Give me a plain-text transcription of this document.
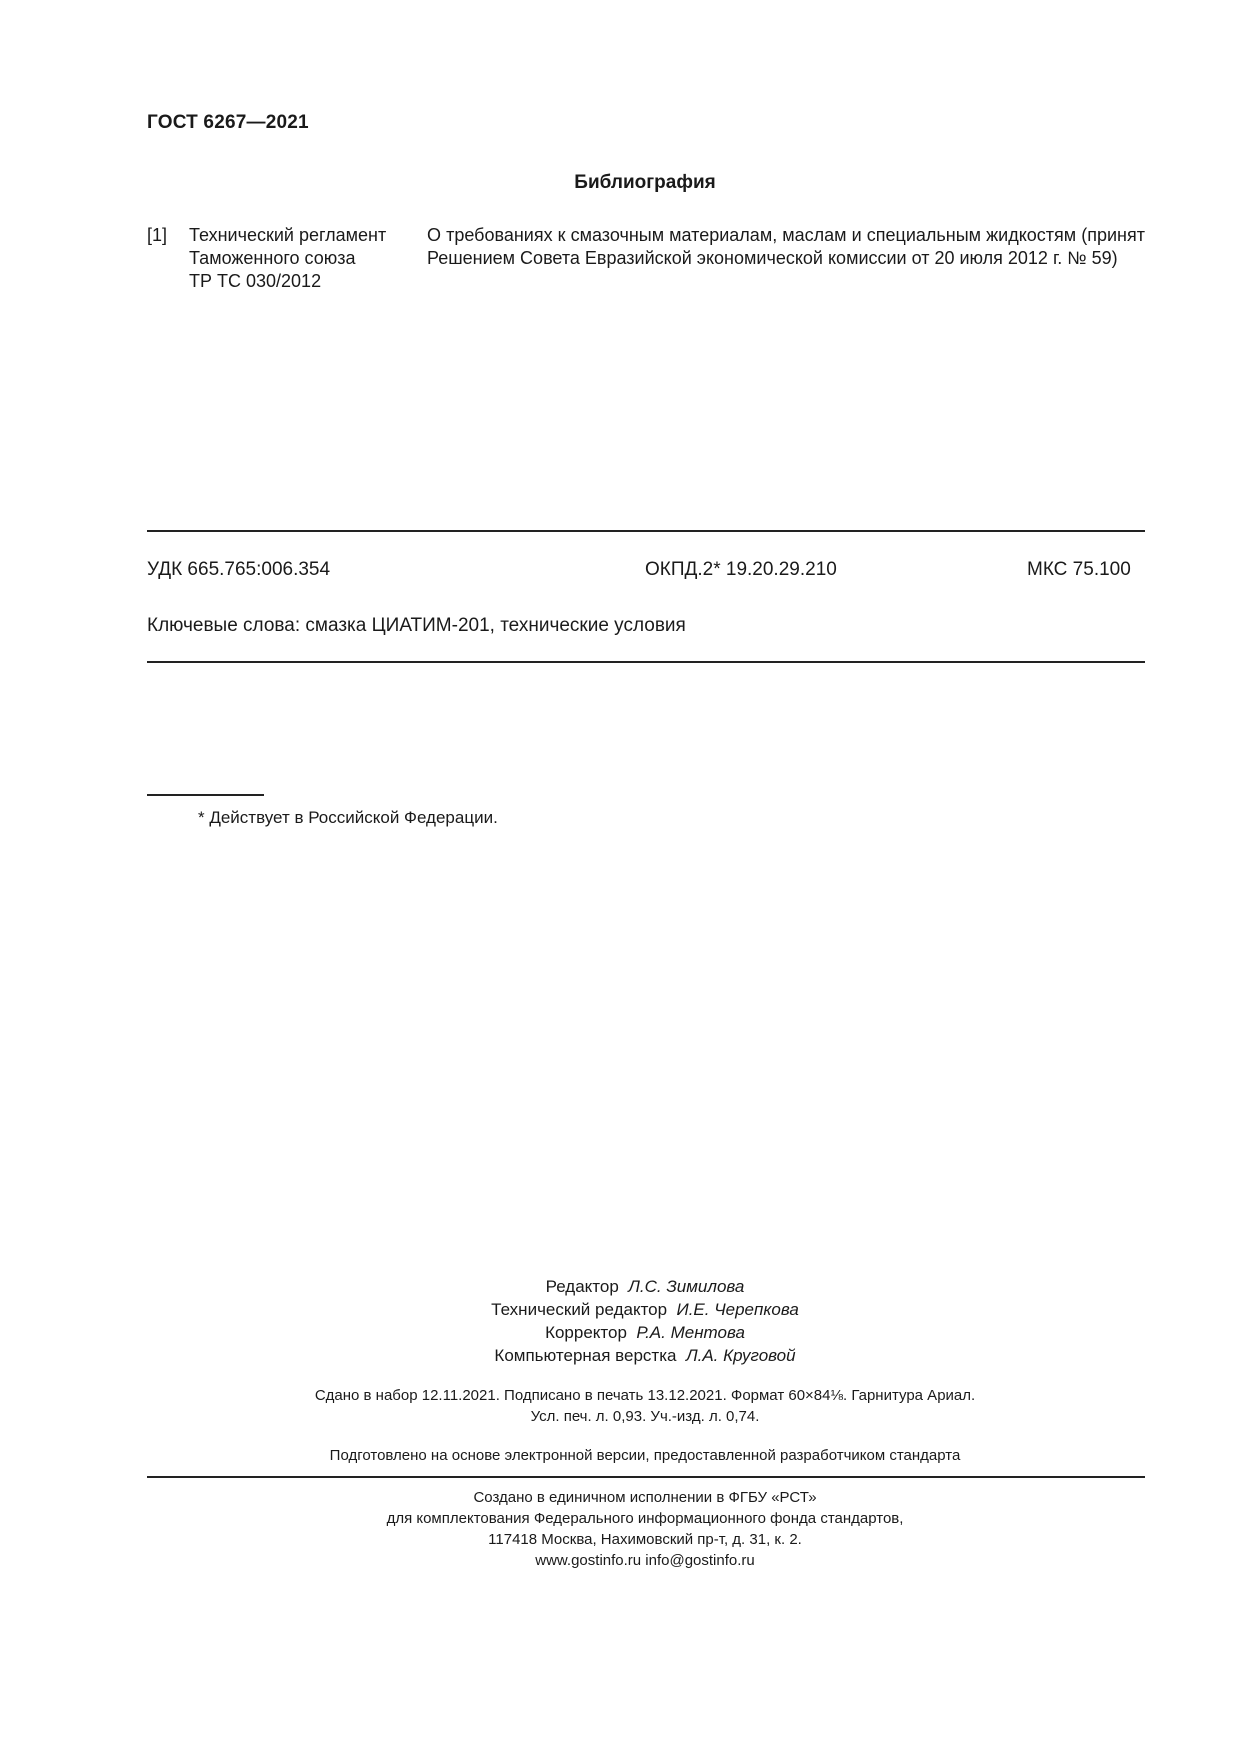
ГОСТ 6267—2021
Библиография
[1] Технический регламент
Таможенного союза
ТР ТС 030/2012
О требованиях к смазочным материалам, маслам и специальным жидкостям (принят Решением Совета Евразийской экономической комиссии от 20 июля 2012 г. № 59)
УДК 665.765:006.354	ОКПД.2* 19.20.29.210	МКС 75.100
Ключевые слова: смазка ЦИАТИМ-201, технические условия
* Действует в Российской Федерации.
Редактор Л.С. Зимилова
Технический редактор И.Е. Черепкова
Корректор Р.А. Ментова
Компьютерная верстка Л.А. Круговой
Сдано в набор 12.11.2021. Подписано в печать 13.12.2021. Формат 60×84⅛. Гарнитура Ариал.
Усл. печ. л. 0,93. Уч.-изд. л. 0,74.
Подготовлено на основе электронной версии, предоставленной разработчиком стандарта
Создано в единичном исполнении в ФГБУ «РСТ»
для комплектования Федерального информационного фонда стандартов,
117418 Москва, Нахимовский пр-т, д. 31, к. 2.
www.gostinfo.ru info@gostinfo.ru
